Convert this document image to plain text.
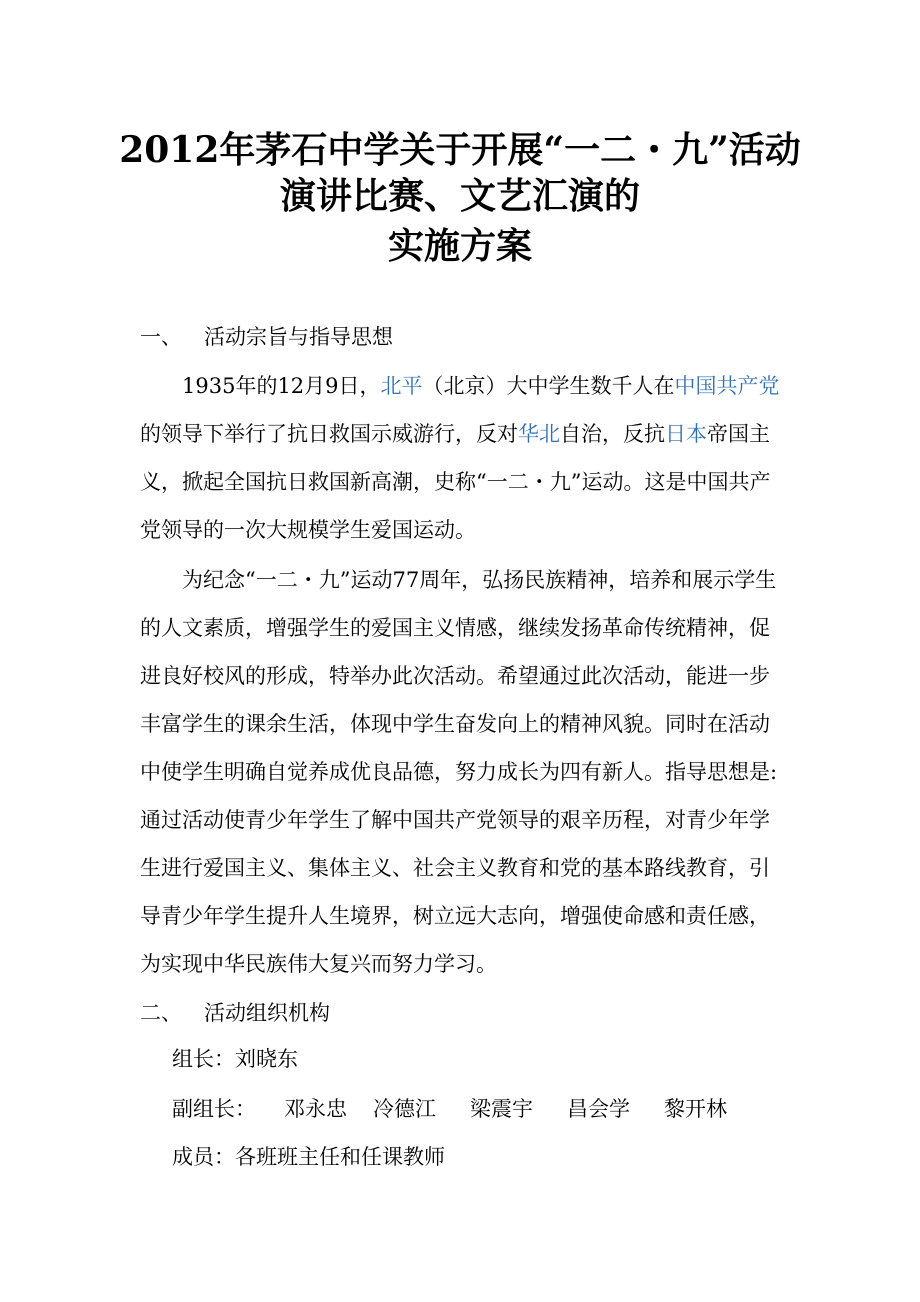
2012年茅石中学关于开展“一二・九”活动
演讲比赛、文艺汇演的
实施方案
一、 活动宗旨与指导思想
1935年的12月9日，北平（北京）大中学生数千人在中国共产党的领导下举行了抗日救国示威游行，反对华北自治，反抗日本帝国主义，掀起全国抗日救国新高潮，史称“一二・九”运动。这是中国共产党领导的一次大规模学生爱国运动。
为纪念“一二・九”运动77周年，弘扬民族精神，培养和展示学生的人文素质，增强学生的爱国主义情感，继续发扬革命传统精神，促进良好校风的形成，特举办此次活动。希望通过此次活动，能进一步丰富学生的课余生活，体现中学生奋发向上的精神风貌。同时在活动中使学生明确自觉养成优良品德，努力成长为四有新人。指导思想是: 通过活动使青少年学生了解中国共产党领导的艰辛历程，对青少年学生进行爱国主义、集体主义、社会主义教育和党的基本路线教育，引导青少年学生提升人生境界，树立远大志向，增强使命感和责任感，为实现中华民族伟大复兴而努力学习。
二、 活动组织机构
组长：刘晓东
副组长： 邓永忠 冷德江 梁震宇 昌会学 黎开林
成员：各班班主任和任课教师
